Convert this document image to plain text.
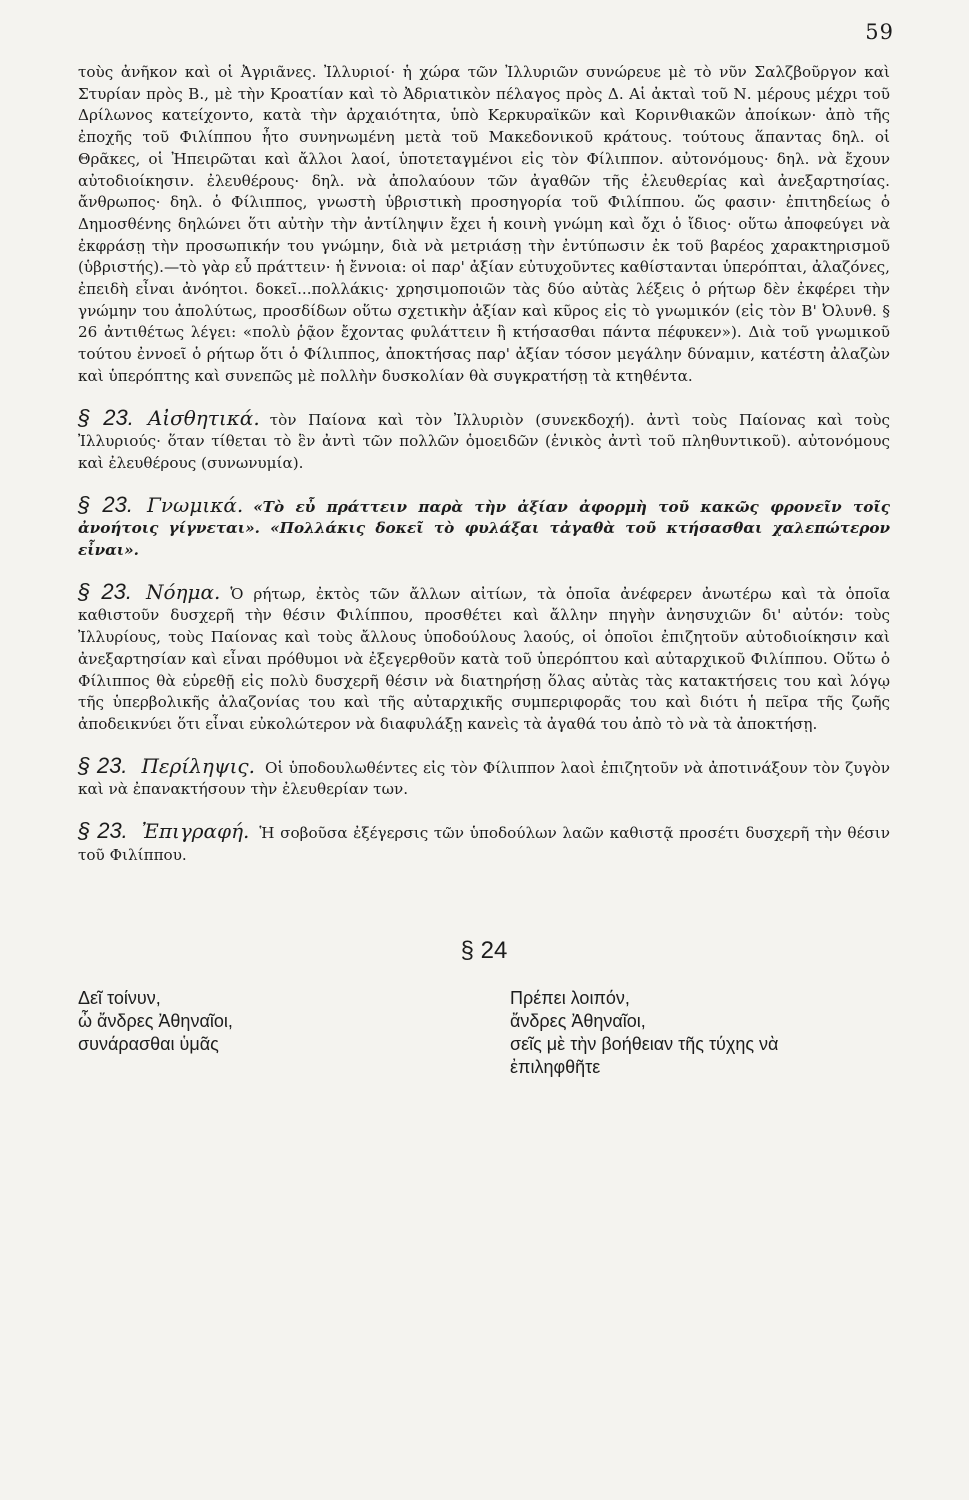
59

τοὺς ἀνῆκον καὶ οἱ Ἀγριᾶνες. Ἰλλυριοί· ἡ χώρα τῶν Ἰλλυριῶν συνώρευε μὲ τὸ νῦν Σαλζβοῦργον καὶ Στυρίαν πρὸς Β., μὲ τὴν Κροατίαν καὶ τὸ Ἀδριατικὸν πέλαγος πρὸς Δ. Αἱ ἀκταὶ τοῦ Ν. μέρους μέχρι τοῦ Δρίλωνος κατείχοντο, κατὰ τὴν ἀρχαιότητα, ὑπὸ Κερκυραϊκῶν καὶ Κορινθιακῶν ἀποίκων· ἀπὸ τῆς ἐποχῆς τοῦ Φιλίππου ἦτο συνηνωμένη μετὰ τοῦ Μακεδονικοῦ κράτους. τούτους ἅπαντας δηλ. οἱ Θρᾶκες, οἱ Ἠπειρῶται καὶ ἄλλοι λαοί, ὑποτεταγμένοι εἰς τὸν Φίλιππον. αὐτονόμους· δηλ. νὰ ἔχουν αὐτοδιοίκησιν. ἐλευθέρους· δηλ. νὰ ἀπολαύουν τῶν ἀγαθῶν τῆς ἐλευθερίας καὶ ἀνεξαρτησίας. ἄνθρωπος· δηλ. ὁ Φίλιππος, γνωστὴ ὑβριστικὴ προσηγορία τοῦ Φιλίππου. ὥς φασιν· ἐπιτηδείως ὁ Δημοσθένης δηλώνει ὅτι αὐτὴν τὴν ἀντίληψιν ἔχει ἡ κοινὴ γνώμη καὶ ὄχι ὁ ἴδιος· οὕτω ἀποφεύγει νὰ ἐκφράσῃ τὴν προσωπικήν του γνώμην, διὰ νὰ μετριάσῃ τὴν ἐντύπωσιν ἐκ τοῦ βαρέος χαρακτηρισμοῦ (ὑβριστής).—τὸ γὰρ εὖ πράττειν· ἡ ἔννοια: οἱ παρ' ἀξίαν εὐτυχοῦντες καθίστανται ὑπερόπται, ἀλαζόνες, ἐπειδὴ εἶναι ἀνόητοι. δοκεῖ...πολλάκις· χρησιμοποιῶν τὰς δύο αὐτὰς λέξεις ὁ ρήτωρ δὲν ἐκφέρει τὴν γνώμην του ἀπολύτως, προσδίδων οὕτω σχετικὴν ἀξίαν καὶ κῦρος εἰς τὸ γνωμικόν (εἰς τὸν Β' Ὀλυνθ. § 26 ἀντιθέτως λέγει: «πολὺ ῥᾷον ἔχοντας φυλάττειν ἢ κτήσασθαι πάντα πέφυκεν»). Διὰ τοῦ γνωμικοῦ τούτου ἐννοεῖ ὁ ρήτωρ ὅτι ὁ Φίλιππος, ἀποκτήσας παρ' ἀξίαν τόσον μεγάλην δύναμιν, κατέστη ἀλαζὼν καὶ ὑπερόπτης καὶ συνεπῶς μὲ πολλὴν δυσκολίαν θὰ συγκρατήσῃ τὰ κτηθέντα.

§ 23. Αἰσθητικά. τὸν Παίονα καὶ τὸν Ἰλλυριὸν (συνεκδοχή). ἀντὶ τοὺς Παίονας καὶ τοὺς Ἰλλυριούς· ὅταν τίθεται τὸ ἓν ἀντὶ τῶν πολλῶν ὁμοειδῶν (ἑνικὸς ἀντὶ τοῦ πληθυντικοῦ). αὐτονόμους καὶ ἐλευθέρους (συνωνυμία).

§ 23. Γνωμικά. «Τὸ εὖ πράττειν παρὰ τὴν ἀξίαν ἀφορμὴ τοῦ κακῶς φρονεῖν τοῖς ἀνοήτοις γίγνεται». «Πολλάκις δοκεῖ τὸ φυλάξαι τἀγαθὰ τοῦ κτήσασθαι χαλεπώτερον εἶναι».

§ 23. Νόημα. Ὁ ρήτωρ, ἐκτὸς τῶν ἄλλων αἰτίων, τὰ ὁποῖα ἀνέφερεν ἀνωτέρω καὶ τὰ ὁποῖα καθιστοῦν δυσχερῆ τὴν θέσιν Φιλίππου, προσθέτει καὶ ἄλλην πηγὴν ἀνησυχιῶν δι' αὐτόν: τοὺς Ἰλλυρίους, τοὺς Παίονας καὶ τοὺς ἄλλους ὑποδούλους λαούς, οἱ ὁποῖοι ἐπιζητοῦν αὐτοδιοίκησιν καὶ ἀνεξαρτησίαν καὶ εἶναι πρόθυμοι νὰ ἐξεγερθοῦν κατὰ τοῦ ὑπερόπτου καὶ αὐταρχικοῦ Φιλίππου. Οὕτω ὁ Φίλιππος θὰ εὑρεθῇ εἰς πολὺ δυσχερῆ θέσιν νὰ διατηρήσῃ ὅλας αὐτὰς τὰς κατακτήσεις του καὶ λόγῳ τῆς ὑπερβολικῆς ἀλαζονίας του καὶ τῆς αὐταρχικῆς συμπεριφορᾶς του καὶ διότι ἡ πεῖρα τῆς ζωῆς ἀποδεικνύει ὅτι εἶναι εὐκολώτερον νὰ διαφυλάξῃ κανεὶς τὰ ἀγαθά του ἀπὸ τὸ νὰ τὰ ἀποκτήσῃ.

§ 23. Περίληψις. Οἱ ὑποδουλωθέντες εἰς τὸν Φίλιππον λαοὶ ἐπιζητοῦν νὰ ἀποτινάξουν τὸν ζυγὸν καὶ νὰ ἐπανακτήσουν τὴν ἐλευθερίαν των.

§ 23. Ἐπιγραφή. Ἡ σοβοῦσα ἐξέγερσις τῶν ὑποδούλων λαῶν καθιστᾷ προσέτι δυσχερῆ τὴν θέσιν τοῦ Φιλίππου.

§ 24
Δεῖ τοίνυν,
ὦ ἄνδρες Ἀθηναῖοι,
συνάρασθαι ὑμᾶς
Πρέπει λοιπόν,
ἄνδρες Ἀθηναῖοι,
σεῖς μὲ τὴν βοήθειαν τῆς τύχης νὰ
ἐπιληφθῆτε
